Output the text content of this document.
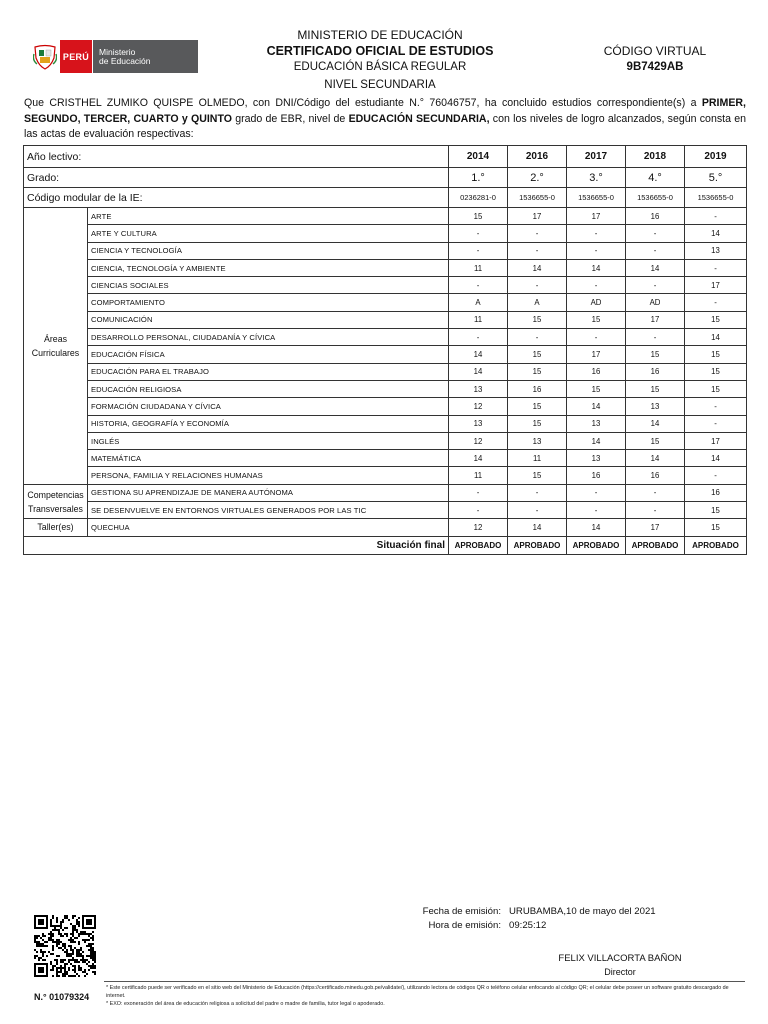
PERÚ	Ministerio
de Educación
MINISTERIO DE EDUCACIÓN
CERTIFICADO OFICIAL DE ESTUDIOS
EDUCACIÓN BÁSICA REGULAR
NIVEL SECUNDARIA
CÓDIGO VIRTUAL
9B7429AB
Que CRISTHEL ZUMIKO QUISPE OLMEDO, con DNI/Código del estudiante N.° 76046757, ha concluido estudios correspondiente(s) a PRIMER, SEGUNDO, TERCER, CUARTO y QUINTO grado de EBR, nivel de EDUCACIÓN SECUNDARIA, con los niveles de logro alcanzados, según consta en las actas de evaluación respectivas:
Año lectivo:		2014	2016	2017	2018	2019
Grado:		1.°	2.°	3.°	4.°	5.°
Código modular de la IE:		0236281-0	1536655-0	1536655-0	1536655-0	1536655-0
Áreas Curriculares	ARTE	15	17	17	16	-
	ARTE Y CULTURA	-	-	-	-	14
	CIENCIA Y TECNOLOGÍA	-	-	-	-	13
	CIENCIA, TECNOLOGÍA Y AMBIENTE	11	14	14	14	-
	CIENCIAS SOCIALES	-	-	-	-	17
	COMPORTAMIENTO	A	A	AD	AD	-
	COMUNICACIÓN	11	15	15	17	15
	DESARROLLO PERSONAL, CIUDADANÍA Y CÍVICA	-	-	-	-	14
	EDUCACIÓN FÍSICA	14	15	17	15	15
	EDUCACIÓN PARA EL TRABAJO	14	15	16	16	15
	EDUCACIÓN RELIGIOSA	13	16	15	15	15
	FORMACIÓN CIUDADANA Y CÍVICA	12	15	14	13	-
	HISTORIA, GEOGRAFÍA Y ECONOMÍA	13	15	13	14	-
	INGLÉS	12	13	14	15	17
	MATEMÁTICA	14	11	13	14	14
	PERSONA, FAMILIA Y RELACIONES HUMANAS	11	15	16	16	-
Competencias Transversales	GESTIONA SU APRENDIZAJE DE MANERA AUTÓNOMA	-	-	-	-	16
	SE DESENVUELVE EN ENTORNOS VIRTUALES GENERADOS POR LAS TIC	-	-	-	-	15
Taller(es)	QUECHUA	12	14	14	17	15
Situación final		APROBADO	APROBADO	APROBADO	APROBADO	APROBADO
N.° 01079324
Fecha de emisión: URUBAMBA,10 de mayo del 2021
Hora de emisión: 09:25:12
FELIX VILLACORTA BAÑON
Director
* Este certificado puede ser verificado en el sitio web del Ministerio de Educación (https://certificado.minedu.gob.pe/validate/), utilizando lectora de códigos QR o teléfono celular enfocando al código QR; el celular debe poseer un software gratuito descargado de internet.
* EXO: exoneración del área de educación religiosa a solicitud del padre o madre de familia, tutor legal o apoderado.
